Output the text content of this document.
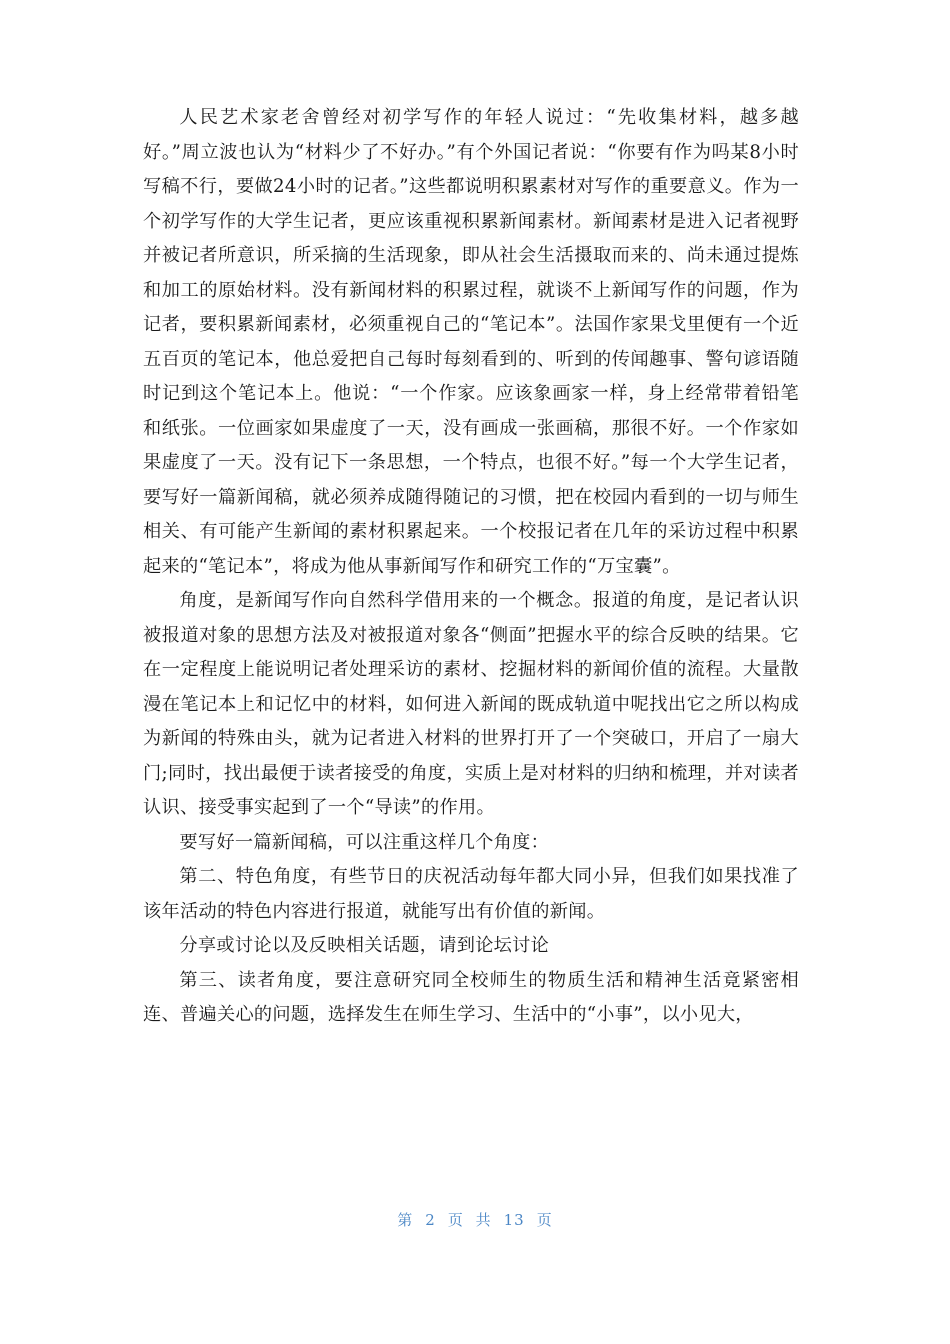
人民艺术家老舍曾经对初学写作的年轻人说过：“先收集材料，越多越好。”周立波也认为“材料少了不好办。”有个外国记者说：“你要有作为吗某8小时写稿不行，要做24小时的记者。”这些都说明积累素材对写作的重要意义。作为一个初学写作的大学生记者，更应该重视积累新闻素材。新闻素材是进入记者视野并被记者所意识，所采摘的生活现象，即从社会生活摄取而来的、尚未通过提炼和加工的原始材料。没有新闻材料的积累过程，就谈不上新闻写作的问题，作为记者，要积累新闻素材，必须重视自己的“笔记本”。法国作家果戈里便有一个近五百页的笔记本，他总爱把自己每时每刻看到的、听到的传闻趣事、警句谚语随时记到这个笔记本上。他说：“一个作家。应该象画家一样，身上经常带着铅笔和纸张。一位画家如果虚度了一天，没有画成一张画稿，那很不好。一个作家如果虚度了一天。没有记下一条思想，一个特点，也很不好。”每一个大学生记者，要写好一篇新闻稿，就必须养成随得随记的习惯，把在校园内看到的一切与师生相关、有可能产生新闻的素材积累起来。一个校报记者在几年的采访过程中积累起来的“笔记本”，将成为他从事新闻写作和研究工作的“万宝囊”。

角度，是新闻写作向自然科学借用来的一个概念。报道的角度，是记者认识被报道对象的思想方法及对被报道对象各“侧面”把握水平的综合反映的结果。它在一定程度上能说明记者处理采访的素材、挖掘材料的新闻价值的流程。大量散漫在笔记本上和记忆中的材料，如何进入新闻的既成轨道中呢找出它之所以构成为新闻的特殊由头，就为记者进入材料的世界打开了一个突破口，开启了一扇大门;同时，找出最便于读者接受的角度，实质上是对材料的归纳和梳理，并对读者认识、接受事实起到了一个“导读”的作用。

要写好一篇新闻稿，可以注重这样几个角度：

第二、特色角度，有些节日的庆祝活动每年都大同小异，但我们如果找准了该年活动的特色内容进行报道，就能写出有价值的新闻。

分享或讨论以及反映相关话题，请到论坛讨论

第三、读者角度，要注意研究同全校师生的物质生活和精神生活竟紧密相连、普遍关心的问题，选择发生在师生学习、生活中的“小事”，以小见大，

第 2 页 共 13 页
